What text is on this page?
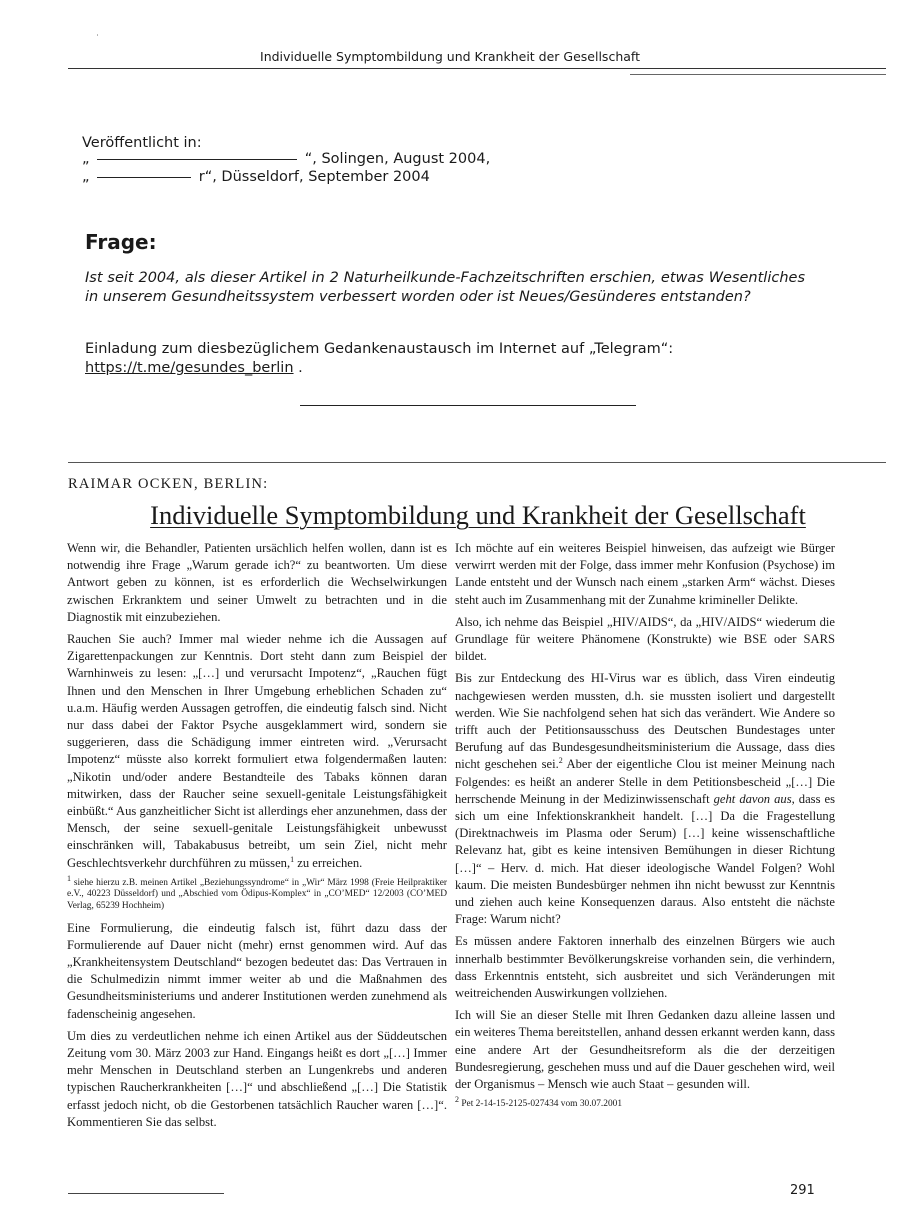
˙
Individuelle Symptombildung und Krankheit der Gesellschaft
Veröffentlicht in:
„	“, Solingen, August 2004,
„	r“, Düsseldorf, September 2004
Frage:
Ist seit 2004, als dieser Artikel in 2 Naturheilkunde-Fachzeitschriften erschien, etwas Wesentliches in unserem Gesundheitssystem verbessert worden oder ist Neues/Gesünderes entstanden?
Einladung zum diesbezüglichem Gedankenaustausch im Internet auf „Telegram“:
https://t.me/gesundes_berlin .
RAIMAR OCKEN, BERLIN:
Individuelle Symptombildung und Krankheit der Gesellschaft

Wenn wir, die Behandler, Patienten ursächlich helfen wollen, dann ist es notwendig ihre Frage „Warum gerade ich?“ zu beantworten. Um diese Antwort geben zu können, ist es erforderlich die Wechselwirkungen zwischen Erkranktem und seiner Umwelt zu betrachten und in die Diagnostik mit einzubeziehen.

Rauchen Sie auch? Immer mal wieder nehme ich die Aussagen auf Zigarettenpackungen zur Kenntnis. Dort steht dann zum Beispiel der Warnhinweis zu lesen: „[…] und verursacht Impotenz“, „Rauchen fügt Ihnen und den Menschen in Ihrer Umgebung erheblichen Schaden zu“ u.a.m. Häufig werden Aussagen getroffen, die eindeutig falsch sind. Nicht nur dass dabei der Faktor Psyche ausgeklammert wird, sondern sie suggerieren, dass die Schädigung immer eintreten wird. „Verursacht Impotenz“ müsste also korrekt formuliert etwa folgendermaßen lauten: „Nikotin und/oder andere Bestandteile des Tabaks können daran mitwirken, dass der Raucher seine sexuell-genitale Leistungsfähigkeit einbüßt.“ Aus ganzheitlicher Sicht ist allerdings eher anzunehmen, dass der Mensch, der seine sexuell-genitale Leistungsfähigkeit unbewusst einschränken will, Tabakabusus betreibt, um sein Ziel, nicht mehr Geschlechtsverkehr durchführen zu müssen,$^1$ zu erreichen.

$^1$ siehe hierzu z.B. meinen Artikel „Beziehungssyndrome“ in „Wir“ März 1998 (Freie Heilpraktiker e.V., 40223 Düsseldorf) und „Abschied vom Ödipus-Komplex“ in „CO’MED“ 12/2003 (CO’MED Verlag, 65239 Hochheim)

Eine Formulierung, die eindeutig falsch ist, führt dazu dass der Formulierende auf Dauer nicht (mehr) ernst genommen wird. Auf das „Krankheitensystem Deutschland“ bezogen bedeutet das: Das Vertrauen in die Schulmedizin nimmt immer weiter ab und die Maßnahmen des Gesundheitsministeriums und anderer Institutionen werden zunehmend als fadenscheinig angesehen.

Um dies zu verdeutlichen nehme ich einen Artikel aus der Süddeutschen Zeitung vom 30. März 2003 zur Hand. Eingangs heißt es dort „[…] Immer mehr Menschen in Deutschland sterben an Lungenkrebs und anderen typischen Raucherkrankheiten […]“ und abschließend „[…] Die Statistik erfasst jedoch nicht, ob die Gestorbenen tatsächlich Raucher waren […]“. Kommentieren Sie das selbst.

Ich möchte auf ein weiteres Beispiel hinweisen, das aufzeigt wie Bürger verwirrt werden mit der Folge, dass immer mehr Konfusion (Psychose) im Lande entsteht und der Wunsch nach einem „starken Arm“ wächst. Dieses steht auch im Zusammenhang mit der Zunahme krimineller Delikte.

Also, ich nehme das Beispiel „HIV/AIDS“, da „HIV/AIDS“ wiederum die Grundlage für weitere Phänomene (Konstrukte) wie BSE oder SARS bildet.

Bis zur Entdeckung des HI-Virus war es üblich, dass Viren eindeutig nachgewiesen werden mussten, d.h. sie mussten isoliert und dargestellt werden. Wie Sie nachfolgend sehen hat sich das verändert. Wie Andere so trifft auch der Petitionsausschuss des Deutschen Bundestages unter Berufung auf das Bundesgesundheitsministerium die Aussage, dass dies nicht geschehen sei.$^2$ Aber der eigentliche Clou ist meiner Meinung nach Folgendes: es heißt an anderer Stelle in dem Petitionsbescheid „[…] Die herrschende Meinung in der Medizinwissenschaft geht davon aus, dass es sich um eine Infektionskrankheit handelt. […] Da die Fragestellung (Direktnachweis im Plasma oder Serum) […] keine wissenschaftliche Relevanz hat, gibt es keine intensiven Bemühungen in dieser Richtung […]“ – Herv. d. mich. Hat dieser ideologische Wandel Folgen? Wohl kaum. Die meisten Bundesbürger nehmen ihn nicht bewusst zur Kenntnis und ziehen auch keine Konsequenzen daraus. Also entsteht die nächste Frage: Warum nicht?

Es müssen andere Faktoren innerhalb des einzelnen Bürgers wie auch innerhalb bestimmter Bevölkerungskreise vorhanden sein, die verhindern, dass Erkenntnis entsteht, sich ausbreitet und sich Veränderungen mit weitreichenden Auswirkungen vollziehen.

Ich will Sie an dieser Stelle mit Ihren Gedanken dazu alleine lassen und ein weiteres Thema bereitstellen, anhand dessen erkannt werden kann, dass eine andere Art der Gesundheitsreform als die der derzeitigen Bundesregierung, geschehen muss und auf die Dauer geschehen wird, weil der Organismus – Mensch wie auch Staat – gesunden will.

$^2$ Pet 2-14-15-2125-027434 vom 30.07.2001

291
